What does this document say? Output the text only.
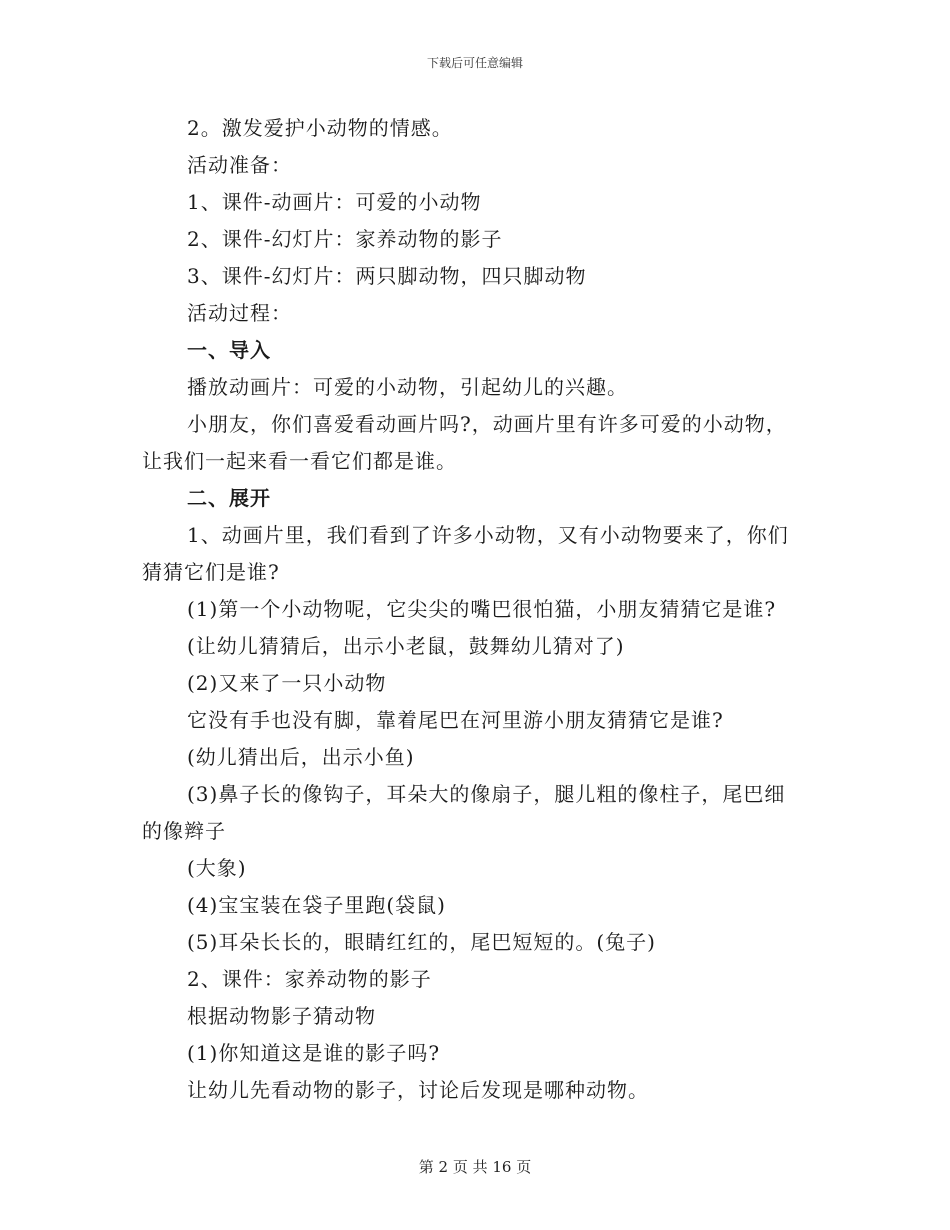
下载后可任意编辑
2。激发爱护小动物的情感。
活动准备：
1、课件-动画片：可爱的小动物
2、课件-幻灯片：家养动物的影子
3、课件-幻灯片：两只脚动物，四只脚动物
活动过程：
一、导入
播放动画片：可爱的小动物，引起幼儿的兴趣。
小朋友，你们喜爱看动画片吗?，动画片里有许多可爱的小动物，
让我们一起来看一看它们都是谁。
二、展开
1、动画片里，我们看到了许多小动物，又有小动物要来了，你们
猜猜它们是谁?
(1)第一个小动物呢，它尖尖的嘴巴很怕猫，小朋友猜猜它是谁?
(让幼儿猜猜后，出示小老鼠，鼓舞幼儿猜对了)
(2)又来了一只小动物
它没有手也没有脚，靠着尾巴在河里游小朋友猜猜它是谁?
(幼儿猜出后，出示小鱼)
(3)鼻子长的像钩子，耳朵大的像扇子，腿儿粗的像柱子，尾巴细
的像辫子
(大象)
(4)宝宝装在袋子里跑(袋鼠)
(5)耳朵长长的，眼睛红红的，尾巴短短的。(兔子)
2、课件：家养动物的影子
根据动物影子猜动物
(1)你知道这是谁的影子吗?
让幼儿先看动物的影子，讨论后发现是哪种动物。
第 2 页 共 16 页
